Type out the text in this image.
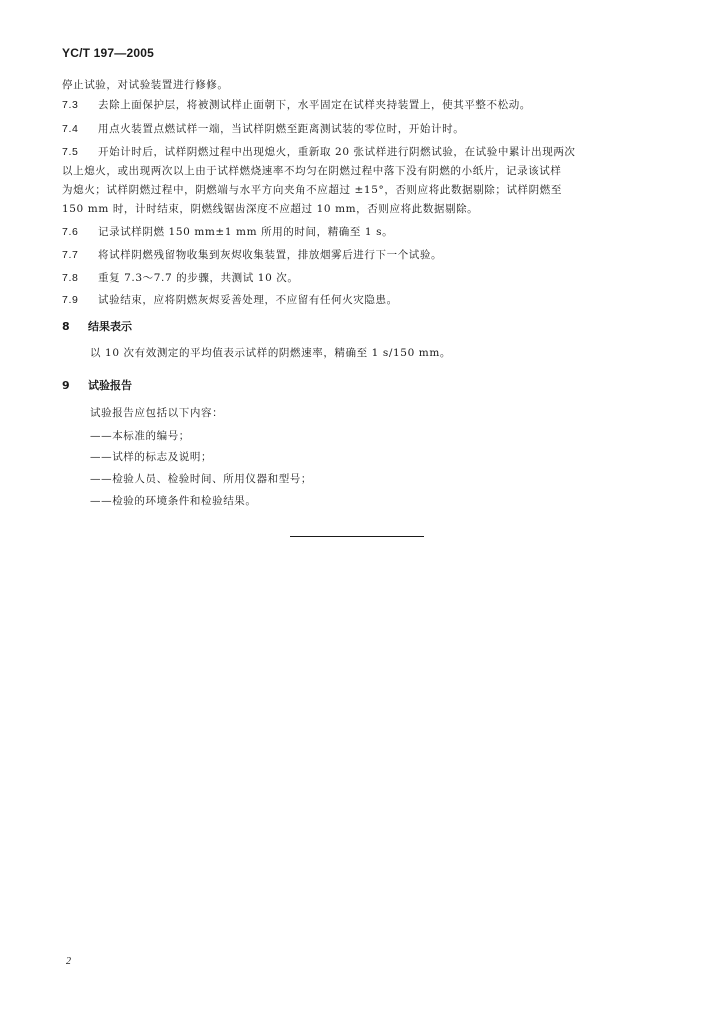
YC/T 197—2005
停止试验，对试验装置进行修修。
7.3 去除上面保护层，将被测试样止面朝下，水平固定在试样夹持装置上，使其平整不松动。
7.4 用点火装置点燃试样一端，当试样阴燃至距离测试装的零位时，开始计时。
7.5 开始计时后，试样阴燃过程中出现熄火，重新取 20 张试样进行阴燃试验，在试验中累计出现两次
以上熄火，或出现两次以上由于试样燃烧速率不均匀在阴燃过程中落下没有阴燃的小纸片，记录该试样
为熄火；试样阴燃过程中，阴燃端与水平方向夹角不应超过 ±15°，否则应将此数据剔除；试样阴燃至
150 mm 时，计时结束，阴燃线锯齿深度不应超过 10 mm，否则应将此数据剔除。
7.6 记录试样阴燃 150 mm±1 mm 所用的时间，精确至 1 s。
7.7 将试样阴燃残留物收集到灰烬收集装置，排放烟雾后进行下一个试验。
7.8 重复 7.3～7.7 的步骤，共测试 10 次。
7.9 试验结束，应将阴燃灰烬妥善处理，不应留有任何火灾隐患。
8 结果表示
以 10 次有效测定的平均值表示试样的阴燃速率，精确至 1 s/150 mm。
9 试验报告
试验报告应包括以下内容：
——本标准的编号；
——试样的标志及说明；
——检验人员、检验时间、所用仪器和型号；
——检验的环境条件和检验结果。
2
